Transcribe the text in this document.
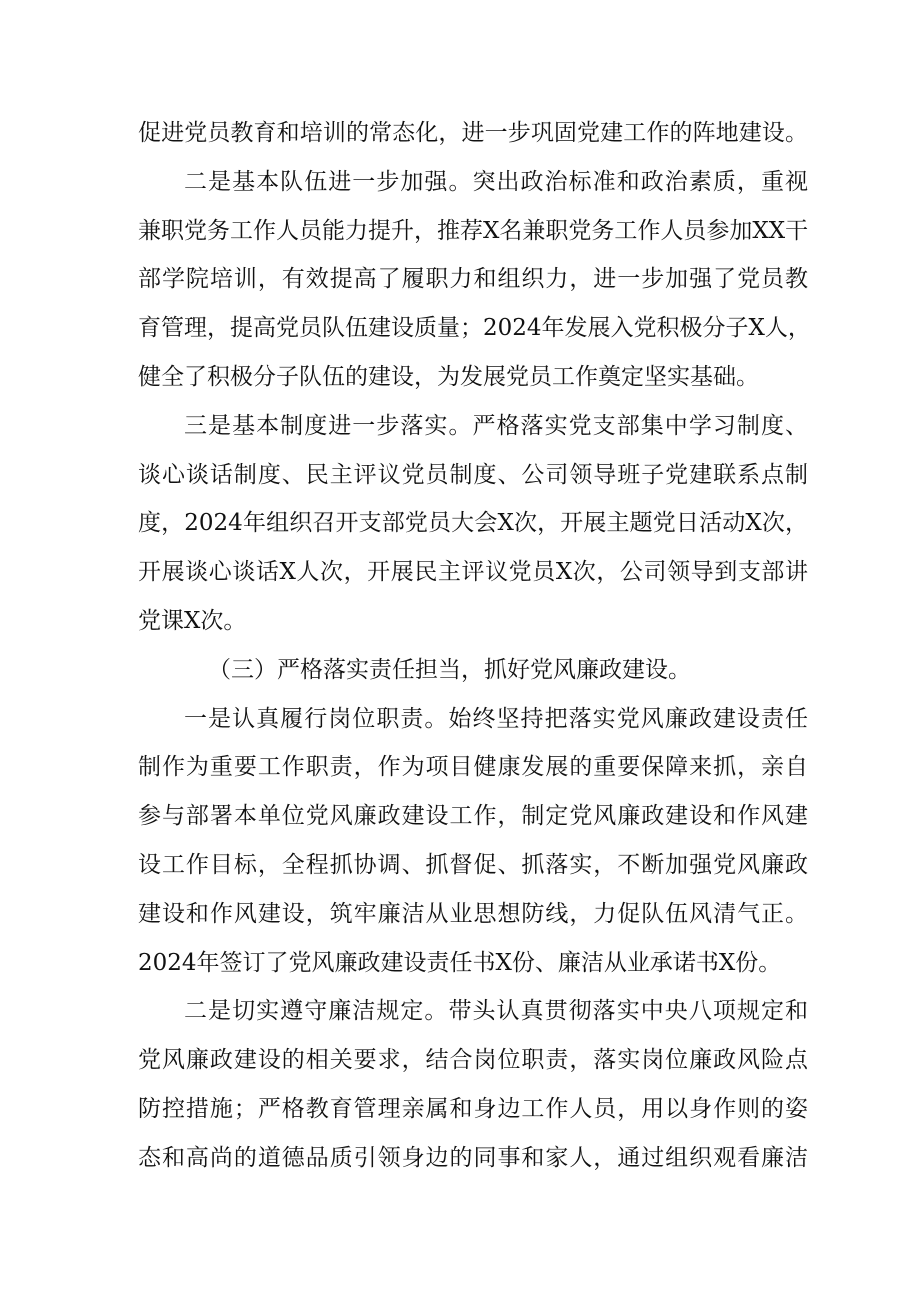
促进党员教育和培训的常态化，进一步巩固党建工作的阵地建设。
二是基本队伍进一步加强。突出政治标准和政治素质，重视
兼职党务工作人员能力提升，推荐X名兼职党务工作人员参加XX干
部学院培训，有效提高了履职力和组织力，进一步加强了党员教
育管理，提高党员队伍建设质量；2024年发展入党积极分子X人，
健全了积极分子队伍的建设，为发展党员工作奠定坚实基础。
三是基本制度进一步落实。严格落实党支部集中学习制度、
谈心谈话制度、民主评议党员制度、公司领导班子党建联系点制
度，2024年组织召开支部党员大会X次，开展主题党日活动X次，
开展谈心谈话X人次，开展民主评议党员X次，公司领导到支部讲
党课X次。
（三）严格落实责任担当，抓好党风廉政建设。
一是认真履行岗位职责。始终坚持把落实党风廉政建设责任
制作为重要工作职责，作为项目健康发展的重要保障来抓，亲自
参与部署本单位党风廉政建设工作，制定党风廉政建设和作风建
设工作目标，全程抓协调、抓督促、抓落实，不断加强党风廉政
建设和作风建设，筑牢廉洁从业思想防线，力促队伍风清气正。
2024年签订了党风廉政建设责任书X份、廉洁从业承诺书X份。
二是切实遵守廉洁规定。带头认真贯彻落实中央八项规定和
党风廉政建设的相关要求，结合岗位职责，落实岗位廉政风险点
防控措施；严格教育管理亲属和身边工作人员，用以身作则的姿
态和高尚的道德品质引领身边的同事和家人，通过组织观看廉洁
